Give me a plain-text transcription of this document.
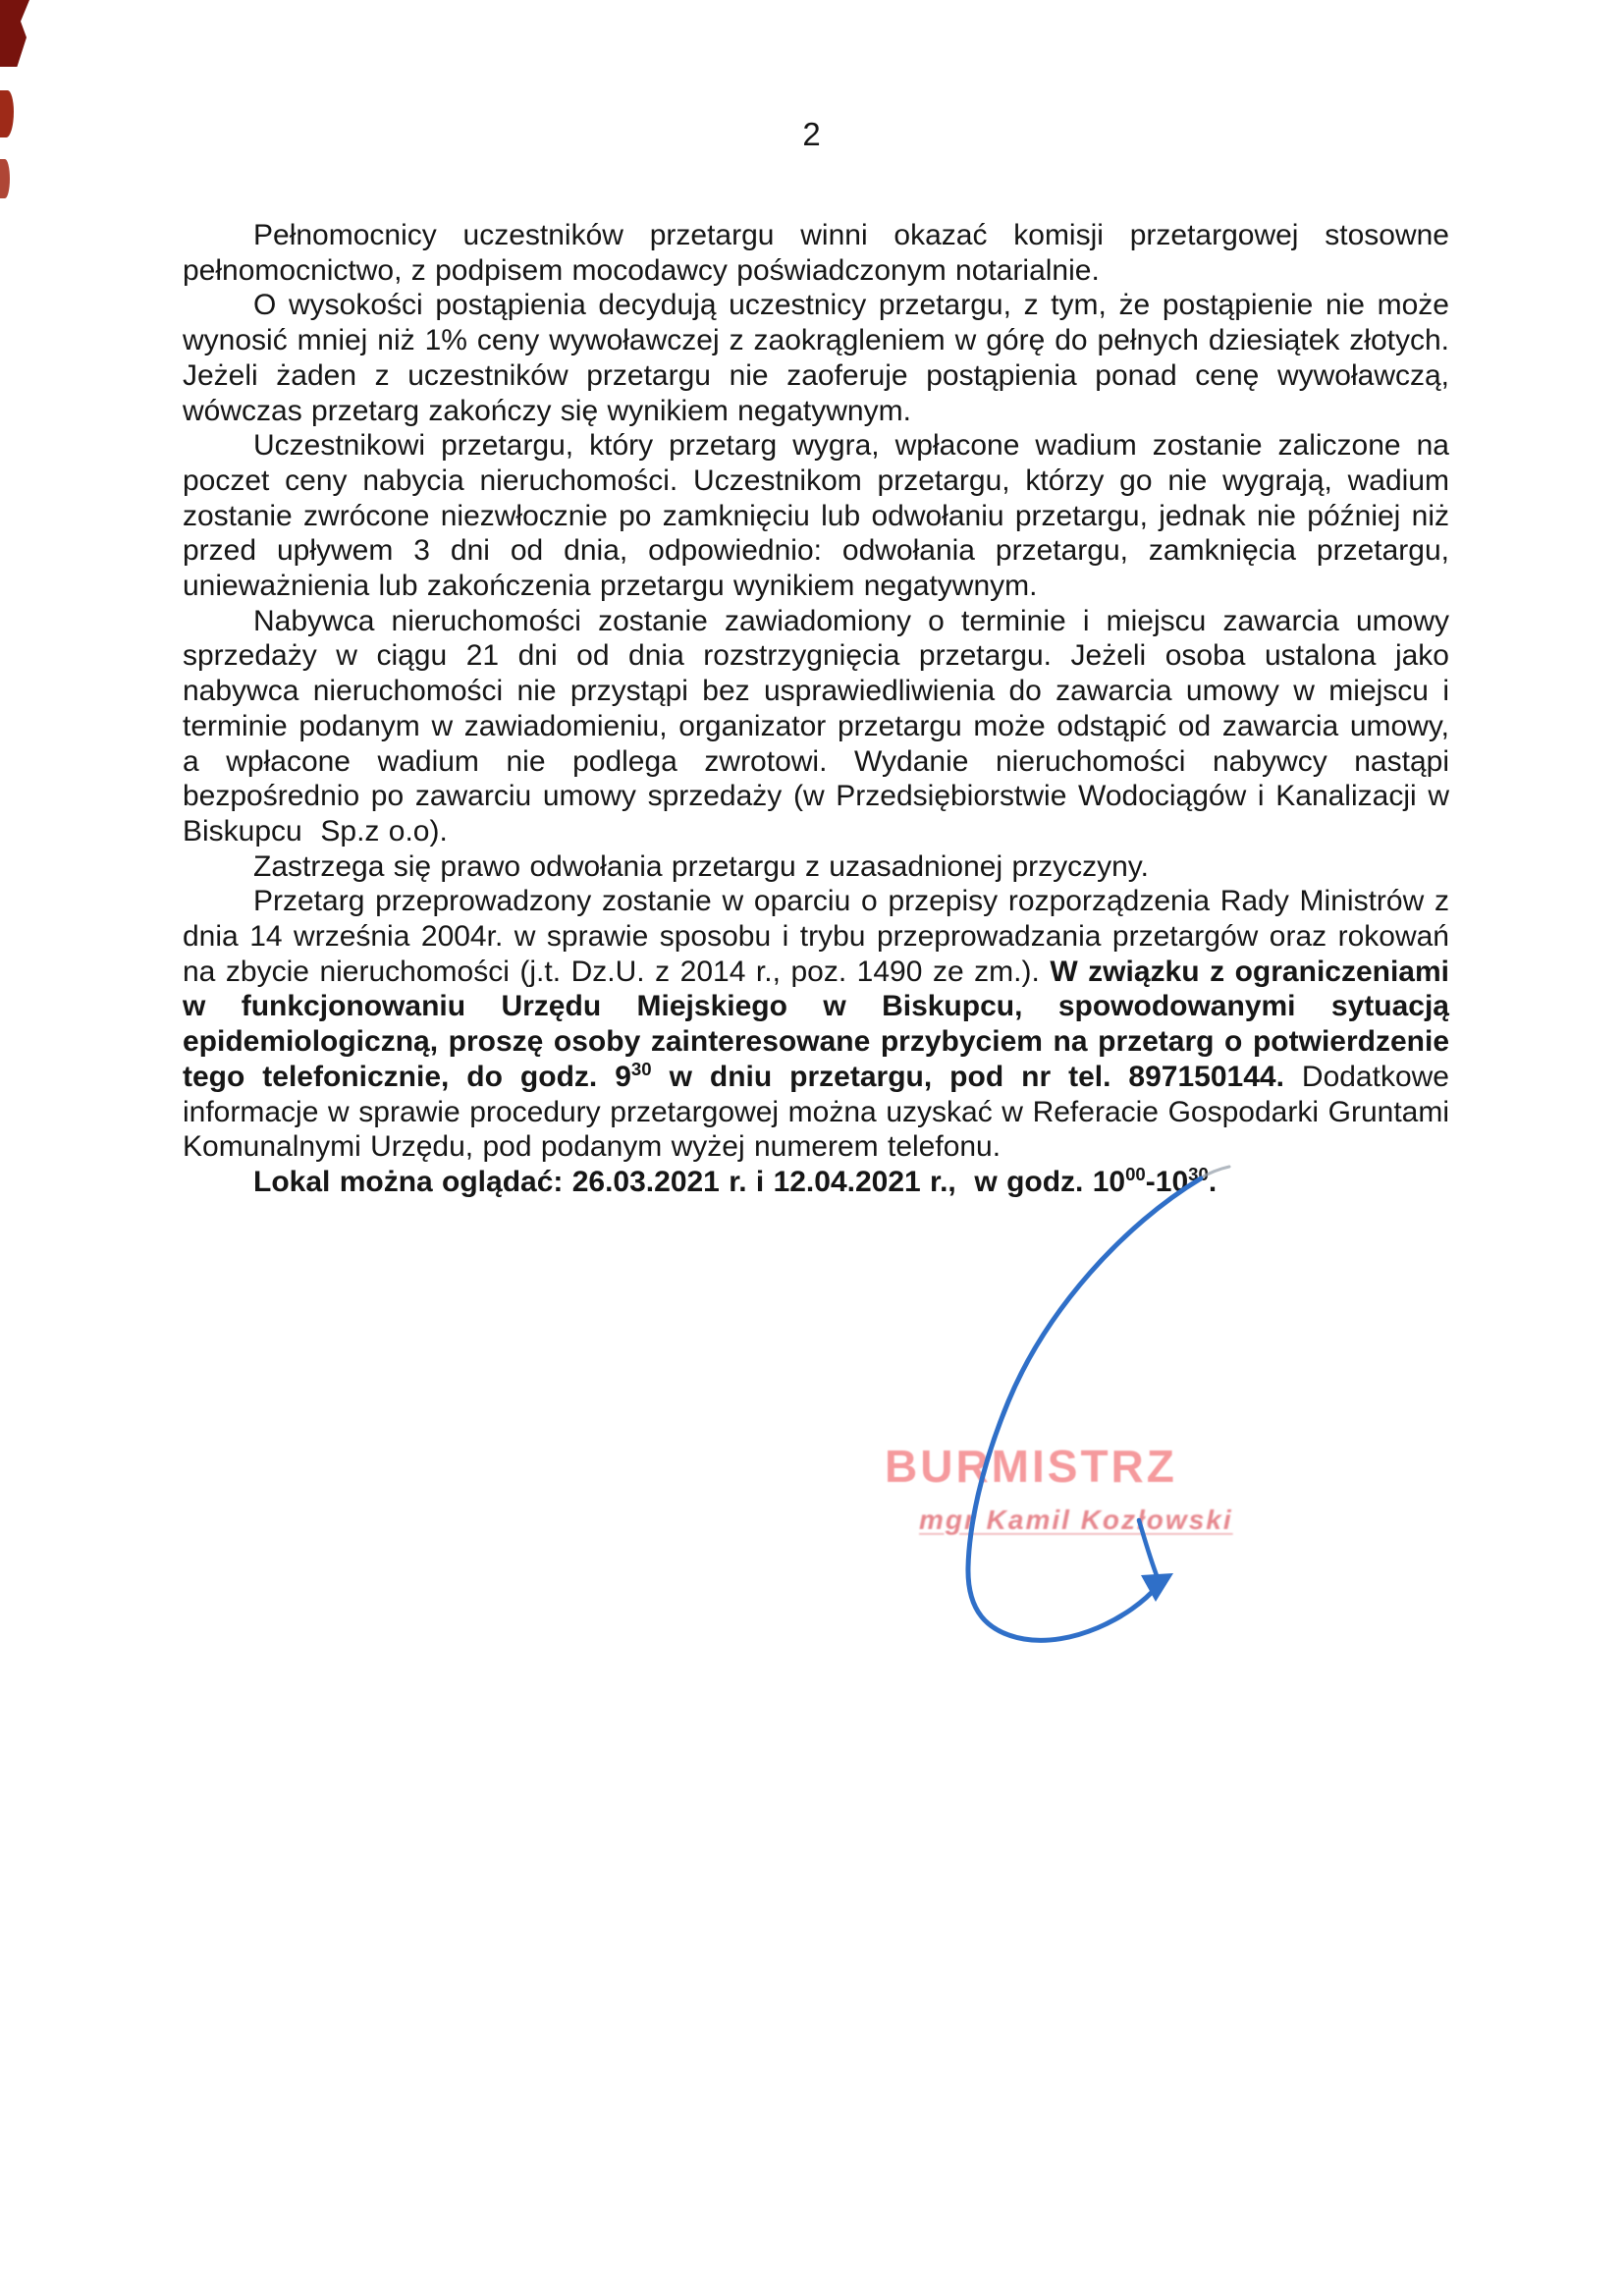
2

Pełnomocnicy uczestników przetargu winni okazać komisji przetargowej stosowne pełnomocnictwo, z podpisem mocodawcy poświadczonym notarialnie.

O wysokości postąpienia decydują uczestnicy przetargu, z tym, że postąpienie nie może wynosić mniej niż 1% ceny wywoławczej z zaokrągleniem w górę do pełnych dziesiątek złotych. Jeżeli żaden z uczestników przetargu nie zaoferuje postąpienia ponad cenę wywoławczą, wówczas przetarg zakończy się wynikiem negatywnym.

Uczestnikowi przetargu, który przetarg wygra, wpłacone wadium zostanie zaliczone na poczet ceny nabycia nieruchomości. Uczestnikom przetargu, którzy go nie wygrają, wadium zostanie zwrócone niezwłocznie po zamknięciu lub odwołaniu przetargu, jednak nie później niż przed upływem 3 dni od dnia, odpowiednio: odwołania przetargu, zamknięcia przetargu, unieważnienia lub zakończenia przetargu wynikiem negatywnym.

Nabywca nieruchomości zostanie zawiadomiony o terminie i miejscu zawarcia umowy sprzedaży w ciągu 21 dni od dnia rozstrzygnięcia przetargu. Jeżeli osoba ustalona jako nabywca nieruchomości nie przystąpi bez usprawiedliwienia do zawarcia umowy w miejscu i terminie podanym w zawiadomieniu, organizator przetargu może odstąpić od zawarcia umowy, a wpłacone wadium nie podlega zwrotowi. Wydanie nieruchomości nabywcy nastąpi bezpośrednio po zawarciu umowy sprzedaży (w Przedsiębiorstwie Wodociągów i Kanalizacji w Biskupcu  Sp.z o.o).

Zastrzega się prawo odwołania przetargu z uzasadnionej przyczyny.

Przetarg przeprowadzony zostanie w oparciu o przepisy rozporządzenia Rady Ministrów z dnia 14 września 2004r. w sprawie sposobu i trybu przeprowadzania przetargów oraz rokowań na zbycie nieruchomości (j.t. Dz.U. z 2014 r., poz. 1490 ze zm.). W związku z ograniczeniami w funkcjonowaniu Urzędu Miejskiego w Biskupcu, spowodowanymi sytuacją epidemiologiczną, proszę osoby zainteresowane przybyciem na przetarg o potwierdzenie tego telefonicznie, do godz. $9^{30}$ w dniu przetargu, pod nr tel. 897150144. Dodatkowe informacje w sprawie procedury przetargowej można uzyskać w Referacie Gospodarki Gruntami Komunalnymi Urzędu, pod podanym wyżej numerem telefonu.

Lokal można oglądać: 26.03.2021 r. i 12.04.2021 r.,  w godz. $10^{00}-10^{30}$.

BURMISTRZ
mgr Kamil Kozłowski
